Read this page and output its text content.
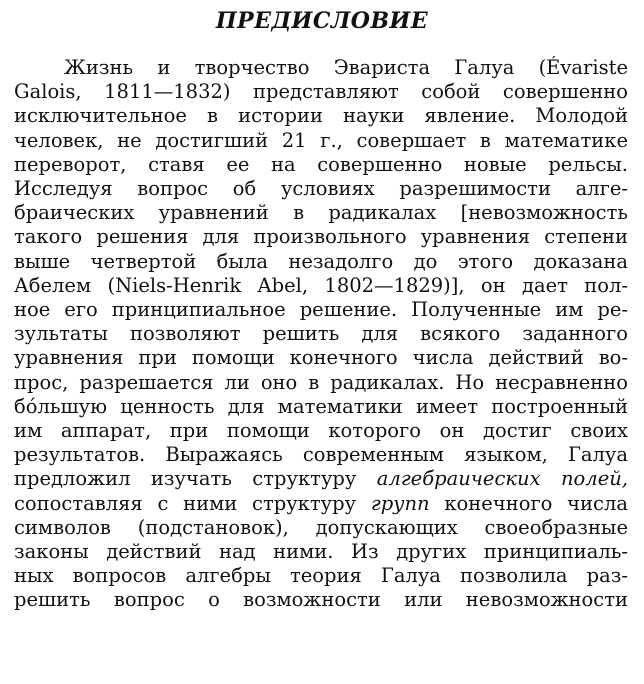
ПРЕДИСЛОВИЕ
Жизнь и творчество Эвариста Галуа (Évariste
Galois, 1811—1832) представляют собой совершенно
исключительное в истории науки явление. Молодой
человек, не достигший 21 г., совершает в математике
переворот, ставя ее на совершенно новые рельсы.
Исследуя вопрос об условиях разрешимости алге-
браических уравнений в радикалах [невозможность
такого решения для произвольного уравнения степени
выше четвертой была незадолго до этого доказана
Абелем (Niels-Henrik Abel, 1802—1829)], он дает пол-
ное его принципиальное решение. Полученные им ре-
зультаты позволяют решить для всякого заданного
уравнения при помощи конечного числа действий во-
прос, разрешается ли оно в радикалах. Но несравненно
бо́льшую ценность для математики имеет построенный
им аппарат, при помощи которого он достиг своих
результатов. Выражаясь современным языком, Галуа
предложил изучать структуру алгебраических полей,
сопоставляя с ними структуру групп конечного числа
символов (подстановок), допускающих своеобразные
законы действий над ними. Из других принципиаль-
ных вопросов алгебры теория Галуа позволила раз-
решить вопрос о возможности или невозможности
